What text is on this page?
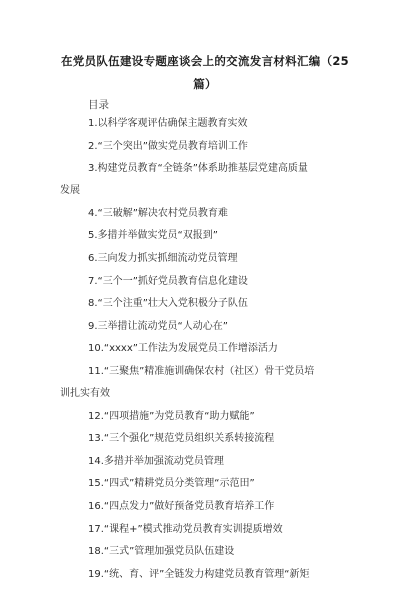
在党员队伍建设专题座谈会上的交流发言材料汇编（25
篇）
目录
1.以科学客观评估确保主题教育实效
2.“三个突出”做实党员教育培训工作
3.构建党员教育“全链条”体系助推基层党建高质量
发展
4.“三破解”解决农村党员教育难
5.多措并举做实党员“双报到”
6.三向发力抓实抓细流动党员管理
7.“三个一”抓好党员教育信息化建设
8.“三个注重”壮大入党积极分子队伍
9.三举措让流动党员“人动心在”
10.“xxxx”工作法为发展党员工作增添活力
11.“三聚焦”精准施训确保农村（社区）骨干党员培
训扎实有效
12.“四项措施”为党员教育“助力赋能”
13.“三个强化”规范党员组织关系转接流程
14.多措并举加强流动党员管理
15.“四式”精耕党员分类管理“示范田”
16.“四点发力”做好预备党员教育培养工作
17.“课程+”模式推动党员教育实训提质增效
18.“三式”管理加强党员队伍建设
19.“统、育、评”全链发力构建党员教育管理“新矩
